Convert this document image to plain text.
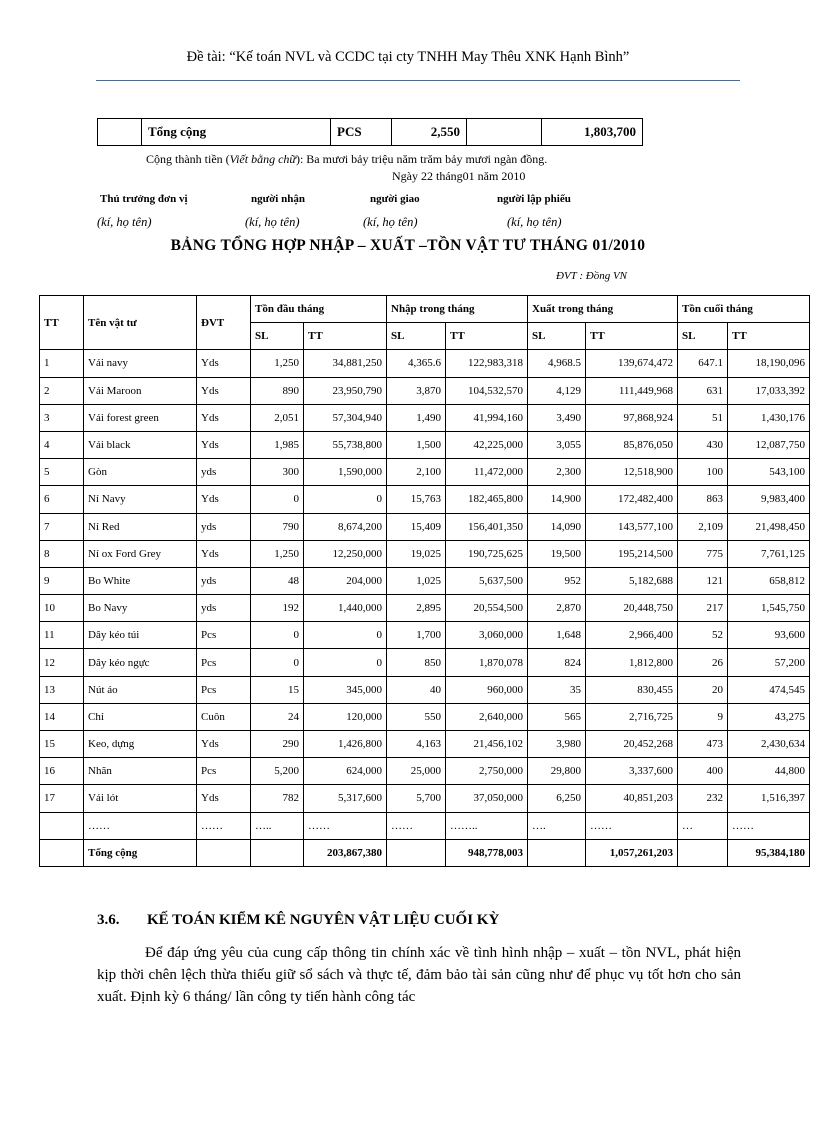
Đề tài: “Kế toán NVL và CCDC tại cty TNHH May Thêu XNK Hạnh Bình”
	Tổng cộng	PCS	2,550		1,803,700
Cộng thành tiền (Viết bằng chữ): Ba mươi bảy triệu năm trăm bảy mươi ngàn đồng.
Ngày 22 tháng01 năm 2010
Thủ trưởng đơn vị	người nhận	người giao	người lập phiếu
(kí, họ tên)	(kí, họ tên)	(kí, họ tên)	(kí, họ tên)
BẢNG TỔNG HỢP NHẬP – XUẤT –TỒN VẬT TƯ THÁNG 01/2010
ĐVT : Đồng VN
TT	Tên vật tư	ĐVT	Tồn đầu tháng		Nhập trong tháng		Xuất trong tháng		Tồn cuối tháng	
			SL	TT	SL	TT	SL	TT	SL	TT
1	Vải navy	Yds	1,250	34,881,250	4,365.6	122,983,318	4,968.5	139,674,472	647.1	18,190,096
2	Vải Maroon	Yds	890	23,950,790	3,870	104,532,570	4,129	111,449,968	631	17,033,392
3	Vải forest green	Yds	2,051	57,304,940	1,490	41,994,160	3,490	97,868,924	51	1,430,176
4	Vải black	Yds	1,985	55,738,800	1,500	42,225,000	3,055	85,876,050	430	12,087,750
5	Gòn	yds	300	1,590,000	2,100	11,472,000	2,300	12,518,900	100	543,100
6	Nỉ Navy	Yds	0	0	15,763	182,465,800	14,900	172,482,400	863	9,983,400
7	Nỉ Red	yds	790	8,674,200	15,409	156,401,350	14,090	143,577,100	2,109	21,498,450
8	Nỉ ox Ford Grey	Yds	1,250	12,250,000	19,025	190,725,625	19,500	195,214,500	775	7,761,125
9	Bo White	yds	48	204,000	1,025	5,637,500	952	5,182,688	121	658,812
10	Bo Navy	yds	192	1,440,000	2,895	20,554,500	2,870	20,448,750	217	1,545,750
11	Dây kéo túi	Pcs	0	0	1,700	3,060,000	1,648	2,966,400	52	93,600
12	Dây kéo ngực	Pcs	0	0	850	1,870,078	824	1,812,800	26	57,200
13	Nút áo	Pcs	15	345,000	40	960,000	35	830,455	20	474,545
14	Chỉ	Cuôn	24	120,000	550	2,640,000	565	2,716,725	9	43,275
15	Keo, dựng	Yds	290	1,426,800	4,163	21,456,102	3,980	20,452,268	473	2,430,634
16	Nhãn	Pcs	5,200	624,000	25,000	2,750,000	29,800	3,337,600	400	44,800
17	Vải lót	Yds	782	5,317,600	5,700	37,050,000	6,250	40,851,203	232	1,516,397
	……	……	…..	……	……	……..	….	……	…	……
	Tổng cộng			203,867,380		948,778,003		1,057,261,203		95,384,180
3.6. KẾ TOÁN KIỂM KÊ NGUYÊN VẬT LIỆU CUỐI KỲ

Để đáp ứng yêu của cung cấp thông tin chính xác về tình hình nhập – xuất – tồn NVL, phát hiện kịp thời chên lệch thừa thiếu giữ sổ sách và thực tế, đảm bảo tài sản cũng như để phục vụ tốt hơn cho sản xuất. Định kỳ 6 tháng/ lần công ty tiến hành công tác
